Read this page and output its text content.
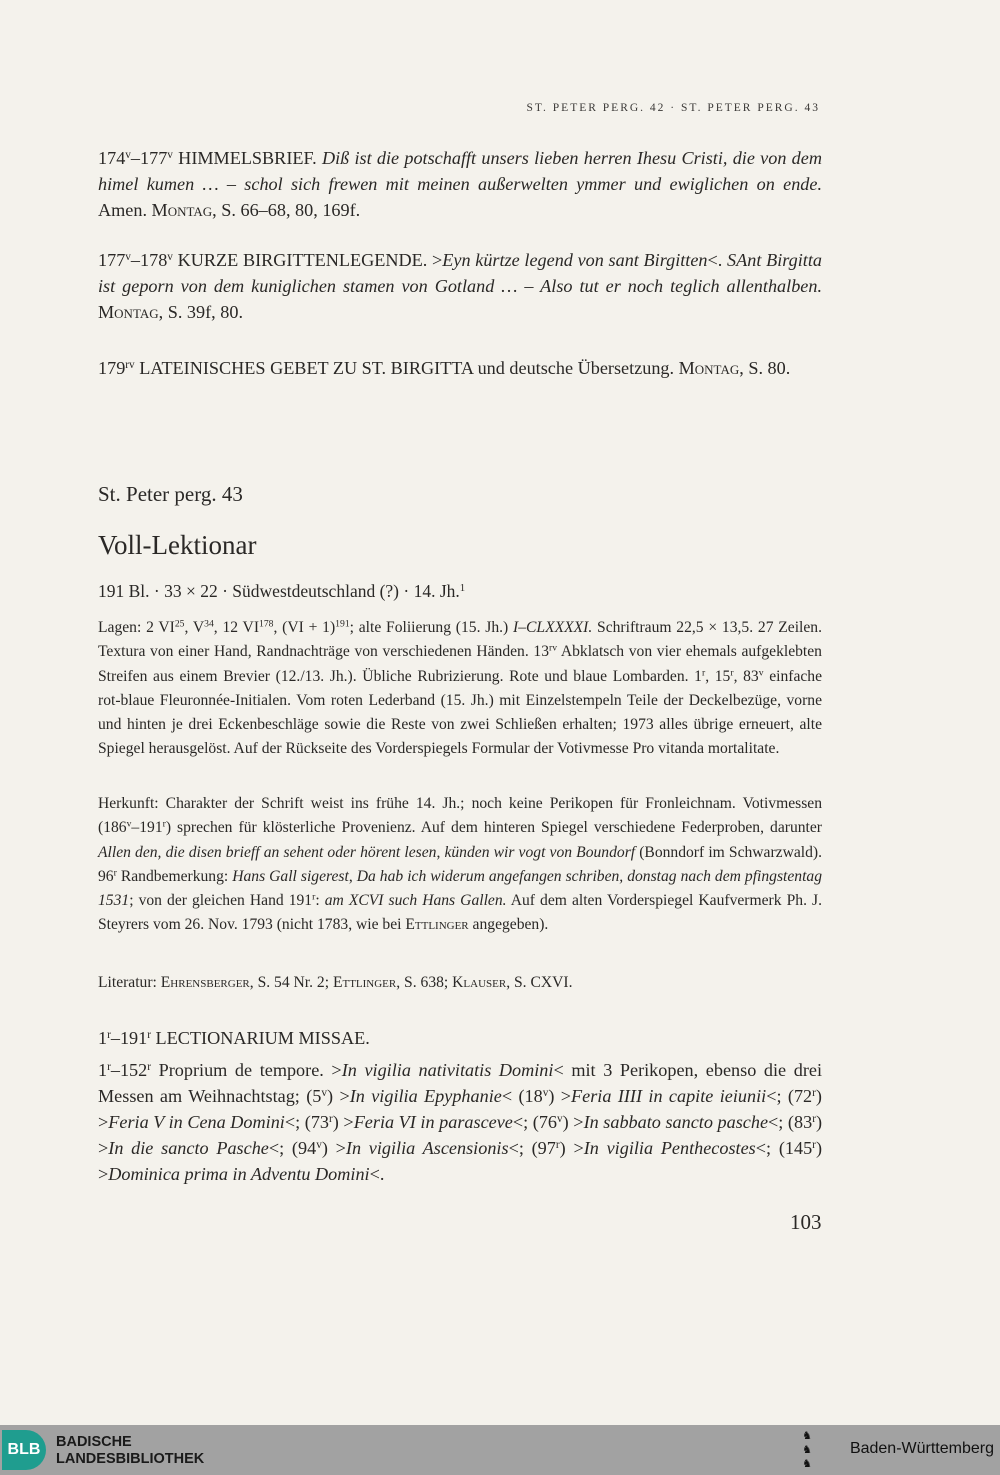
ST. PETER PERG. 42 · ST. PETER PERG. 43
174$^v$–177$^v$ HIMMELSBRIEF. Diß ist die potschafft unsers lieben herren Ihesu Cristi, die von dem himel kumen … – schol sich frewen mit meinen außerwelten ymmer und ewiglichen on ende. Amen. Montag, S. 66–68, 80, 169f.
177$^v$–178$^v$ KURZE BIRGITTENLEGENDE. >Eyn kürtze legend von sant Birgitten<. SAnt Birgitta ist geporn von dem kuniglichen stamen von Gotland … – Also tut er noch teglich allenthalben. Montag, S. 39f, 80.
$179^{rv}$ LATEINISCHES GEBET ZU ST. BIRGITTA und deutsche Übersetzung. Montag, S. 80.
St. Peter perg. 43
Voll-Lektionar
191 Bl. · 33 × 22 · Südwestdeutschland (?) · 14. Jh.$^1$
Lagen: 2 VI$^{25}$, $V^{34}$, 12 VI$^{178}$, (VI + 1)$^{191}$; alte Foliierung (15. Jh.) I–CLXXXXI. Schriftraum 22,5 × 13,5. 27 Zeilen. Textura von einer Hand, Randnachträge von verschiedenen Händen. $13^{rv}$ Abklatsch von vier ehemals aufgeklebten Streifen aus einem Brevier (12./13. Jh.). Übliche Rubrizierung. Rote und blaue Lombarden. 1$^r$, 15$^r$, 83$^v$ einfache rot-blaue Fleuronnée-Initialen. Vom roten Lederband (15. Jh.) mit Einzelstempeln Teile der Deckelbezüge, vorne und hinten je drei Eckenbeschläge sowie die Reste von zwei Schließen erhalten; 1973 alles übrige erneuert, alte Spiegel herausgelöst. Auf der Rückseite des Vorderspiegels Formular der Votivmesse Pro vitanda mortalitate.
Herkunft: Charakter der Schrift weist ins frühe 14. Jh.; noch keine Perikopen für Fronleichnam. Votivmessen (186$^v$–191$^r$) sprechen für klösterliche Provenienz. Auf dem hinteren Spiegel verschiedene Federproben, darunter Allen den, die disen brieff an sehent oder hörent lesen, künden wir vogt von Boundorf (Bonndorf im Schwarzwald). 96$^r$ Randbemerkung: Hans Gall sigerest, Da hab ich widerum angefangen schriben, donstag nach dem pfingstentag 1531; von der gleichen Hand 191$^r$: am XCVI such Hans Gallen. Auf dem alten Vorderspiegel Kaufvermerk Ph. J. Steyrers vom 26. Nov. 1793 (nicht 1783, wie bei Ettlinger angegeben).
Literatur: Ehrensberger, S. 54 Nr. 2; Ettlinger, S. 638; Klauser, S. CXVI.
1$^r$–191$^r$ LECTIONARIUM MISSAE.
1$^r$–152$^r$ Proprium de tempore. >In vigilia nativitatis Domini< mit 3 Perikopen, ebenso die drei Messen am Weihnachtstag; $(5^v) >In$ vigilia Epyphanie< $(18^v)$ >Feria IIII in capite ieiunii<; $(72^r)$ >Feria V in Cena Domini<; $(73^r)$ >Feria VI in parasceve<; $(76^v) >In$ sabbato sancto pasche<; $(83^r) >In$ die sancto Pasche<; $(94^v) >In$ vigilia Ascensionis<; $(97^r) >In$ vigilia Penthecostes<; $(145^r)$ >Dominica prima in Adventu Domini<.
103
BLB	BADISCHE
LANDESBIBLIOTHEK
♞
♞
♞
Baden-Württemberg
